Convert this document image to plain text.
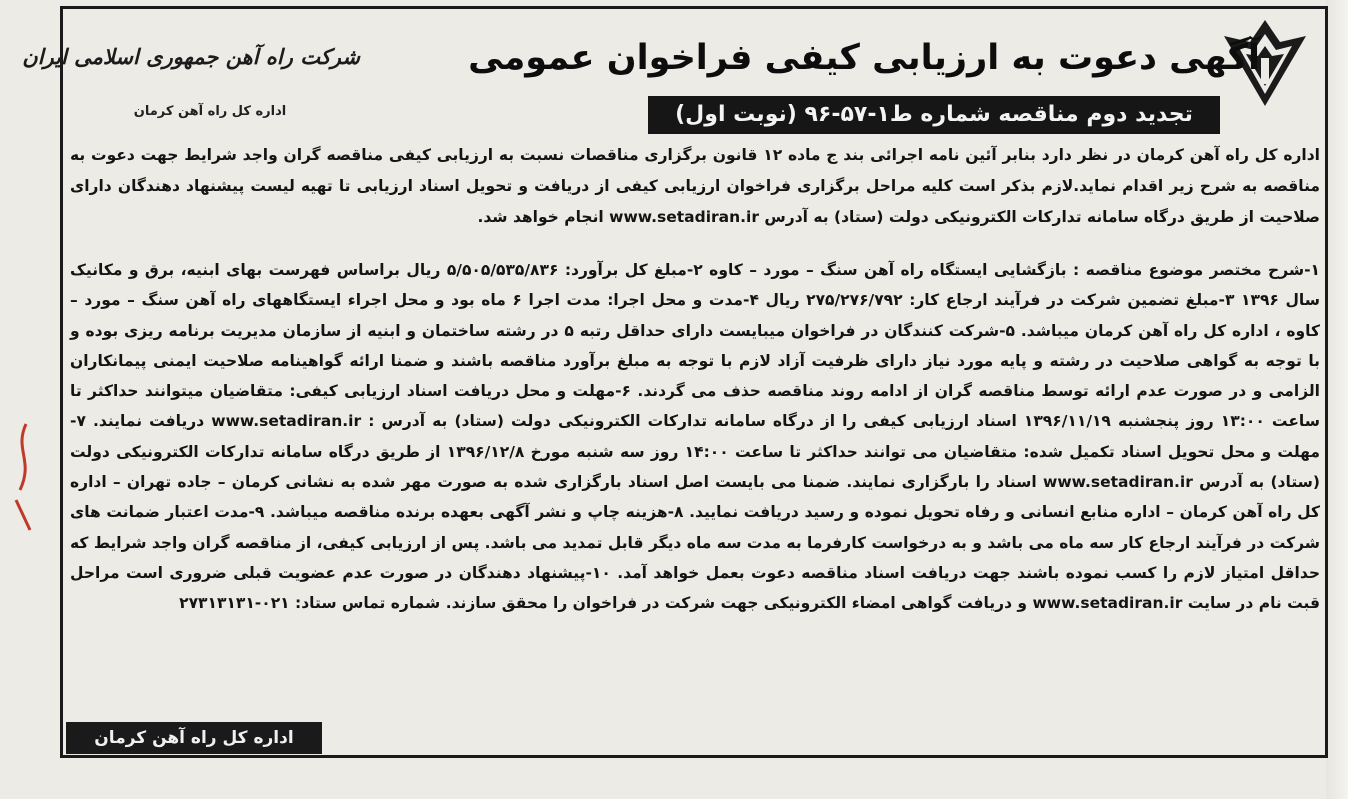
شرکت راه آهن جمهوری اسلامی ایران
اداره کل راه آهن کرمان
آگهی دعوت به ارزیابی کیفی فراخوان عمومی
تجدید دوم مناقصه شماره ط۱-۵۷-۹۶ (نوبت اول)
اداره کل راه آهن کرمان در نظر دارد بنابر آئین نامه اجرائی بند ج ماده ۱۲ قانون برگزاری مناقصات نسبت به ارزیابی کیفی مناقصه گران واجد شرایط جهت دعوت به مناقصه به شرح زیر اقدام نماید.لازم بذکر است کلیه مراحل برگزاری فراخوان ارزیابی کیفی از دریافت و تحویل اسناد ارزیابی تا تهیه لیست پیشنهاد دهندگان دارای صلاحیت از طریق درگاه سامانه تدارکات الکترونیکی دولت (ستاد) به آدرس www.setadiran.ir انجام خواهد شد.
۱-شرح مختصر موضوع مناقصه : بازگشایی ایستگاه راه آهن سنگ – مورد – کاوه ۲-مبلغ کل برآورد: ۵/۵۰۵/۵۳۵/۸۳۶ ریال براساس فهرست بهای ابنیه، برق و مکانیک سال ۱۳۹۶ ۳-مبلغ تضمین شرکت در فرآیند ارجاع کار: ۲۷۵/۲۷۶/۷۹۲ ریال ۴-مدت و محل اجرا: مدت اجرا ۶ ماه بود و محل اجراء ایستگاههای راه آهن سنگ – مورد – کاوه ، اداره کل راه آهن کرمان میباشد. ۵-شرکت کنندگان در فراخوان میبایست دارای حداقل رتبه ۵ در رشته ساختمان و ابنیه از سازمان مدیریت برنامه ریزی بوده و با توجه به گواهی صلاحیت در رشته و پایه مورد نیاز دارای ظرفیت آزاد لازم با توجه به مبلغ برآورد مناقصه باشند و ضمنا ارائه گواهینامه صلاحیت ایمنی پیمانکاران الزامی و در صورت عدم ارائه توسط مناقصه گران از ادامه روند مناقصه حذف می گردند. ۶-مهلت و محل دریافت اسناد ارزیابی کیفی: متقاضیان میتوانند حداکثر تا ساعت ۱۳:۰۰ روز پنجشنبه ۱۳۹۶/۱۱/۱۹ اسناد ارزیابی کیفی را از درگاه سامانه تدارکات الکترونیکی دولت (ستاد) به آدرس : www.setadiran.ir دریافت نمایند. ۷-مهلت و محل تحویل اسناد تکمیل شده: متقاضیان می توانند حداکثر تا ساعت ۱۴:۰۰ روز سه شنبه مورخ ۱۳۹۶/۱۲/۸ از طریق درگاه سامانه تدارکات الکترونیکی دولت (ستاد) به آدرس www.setadiran.ir اسناد را بارگزاری نمایند. ضمنا می بایست اصل اسناد بارگزاری شده به صورت مهر شده به نشانی کرمان – جاده تهران – اداره کل راه آهن کرمان – اداره منابع انسانی و رفاه تحویل نموده و رسید دریافت نمایید. ۸-هزینه چاپ و نشر آگهی بعهده برنده مناقصه میباشد. ۹-مدت اعتبار ضمانت های شرکت در فرآیند ارجاع کار سه ماه می باشد و به درخواست کارفرما به مدت سه ماه دیگر قابل تمدید می باشد. پس از ارزیابی کیفی، از مناقصه گران واجد شرایط که حداقل امتیاز لازم را کسب نموده باشند جهت دریافت اسناد مناقصه دعوت بعمل خواهد آمد. ۱۰-پیشنهاد دهندگان در صورت عدم عضویت قبلی ضروری است مراحل قبت نام در سایت www.setadiran.ir و دریافت گواهی امضاء الکترونیکی جهت شرکت در فراخوان را محقق سازند. شماره تماس ستاد: ۰۲۱-۲۷۳۱۳۱۳۱
اداره کل راه آهن کرمان
